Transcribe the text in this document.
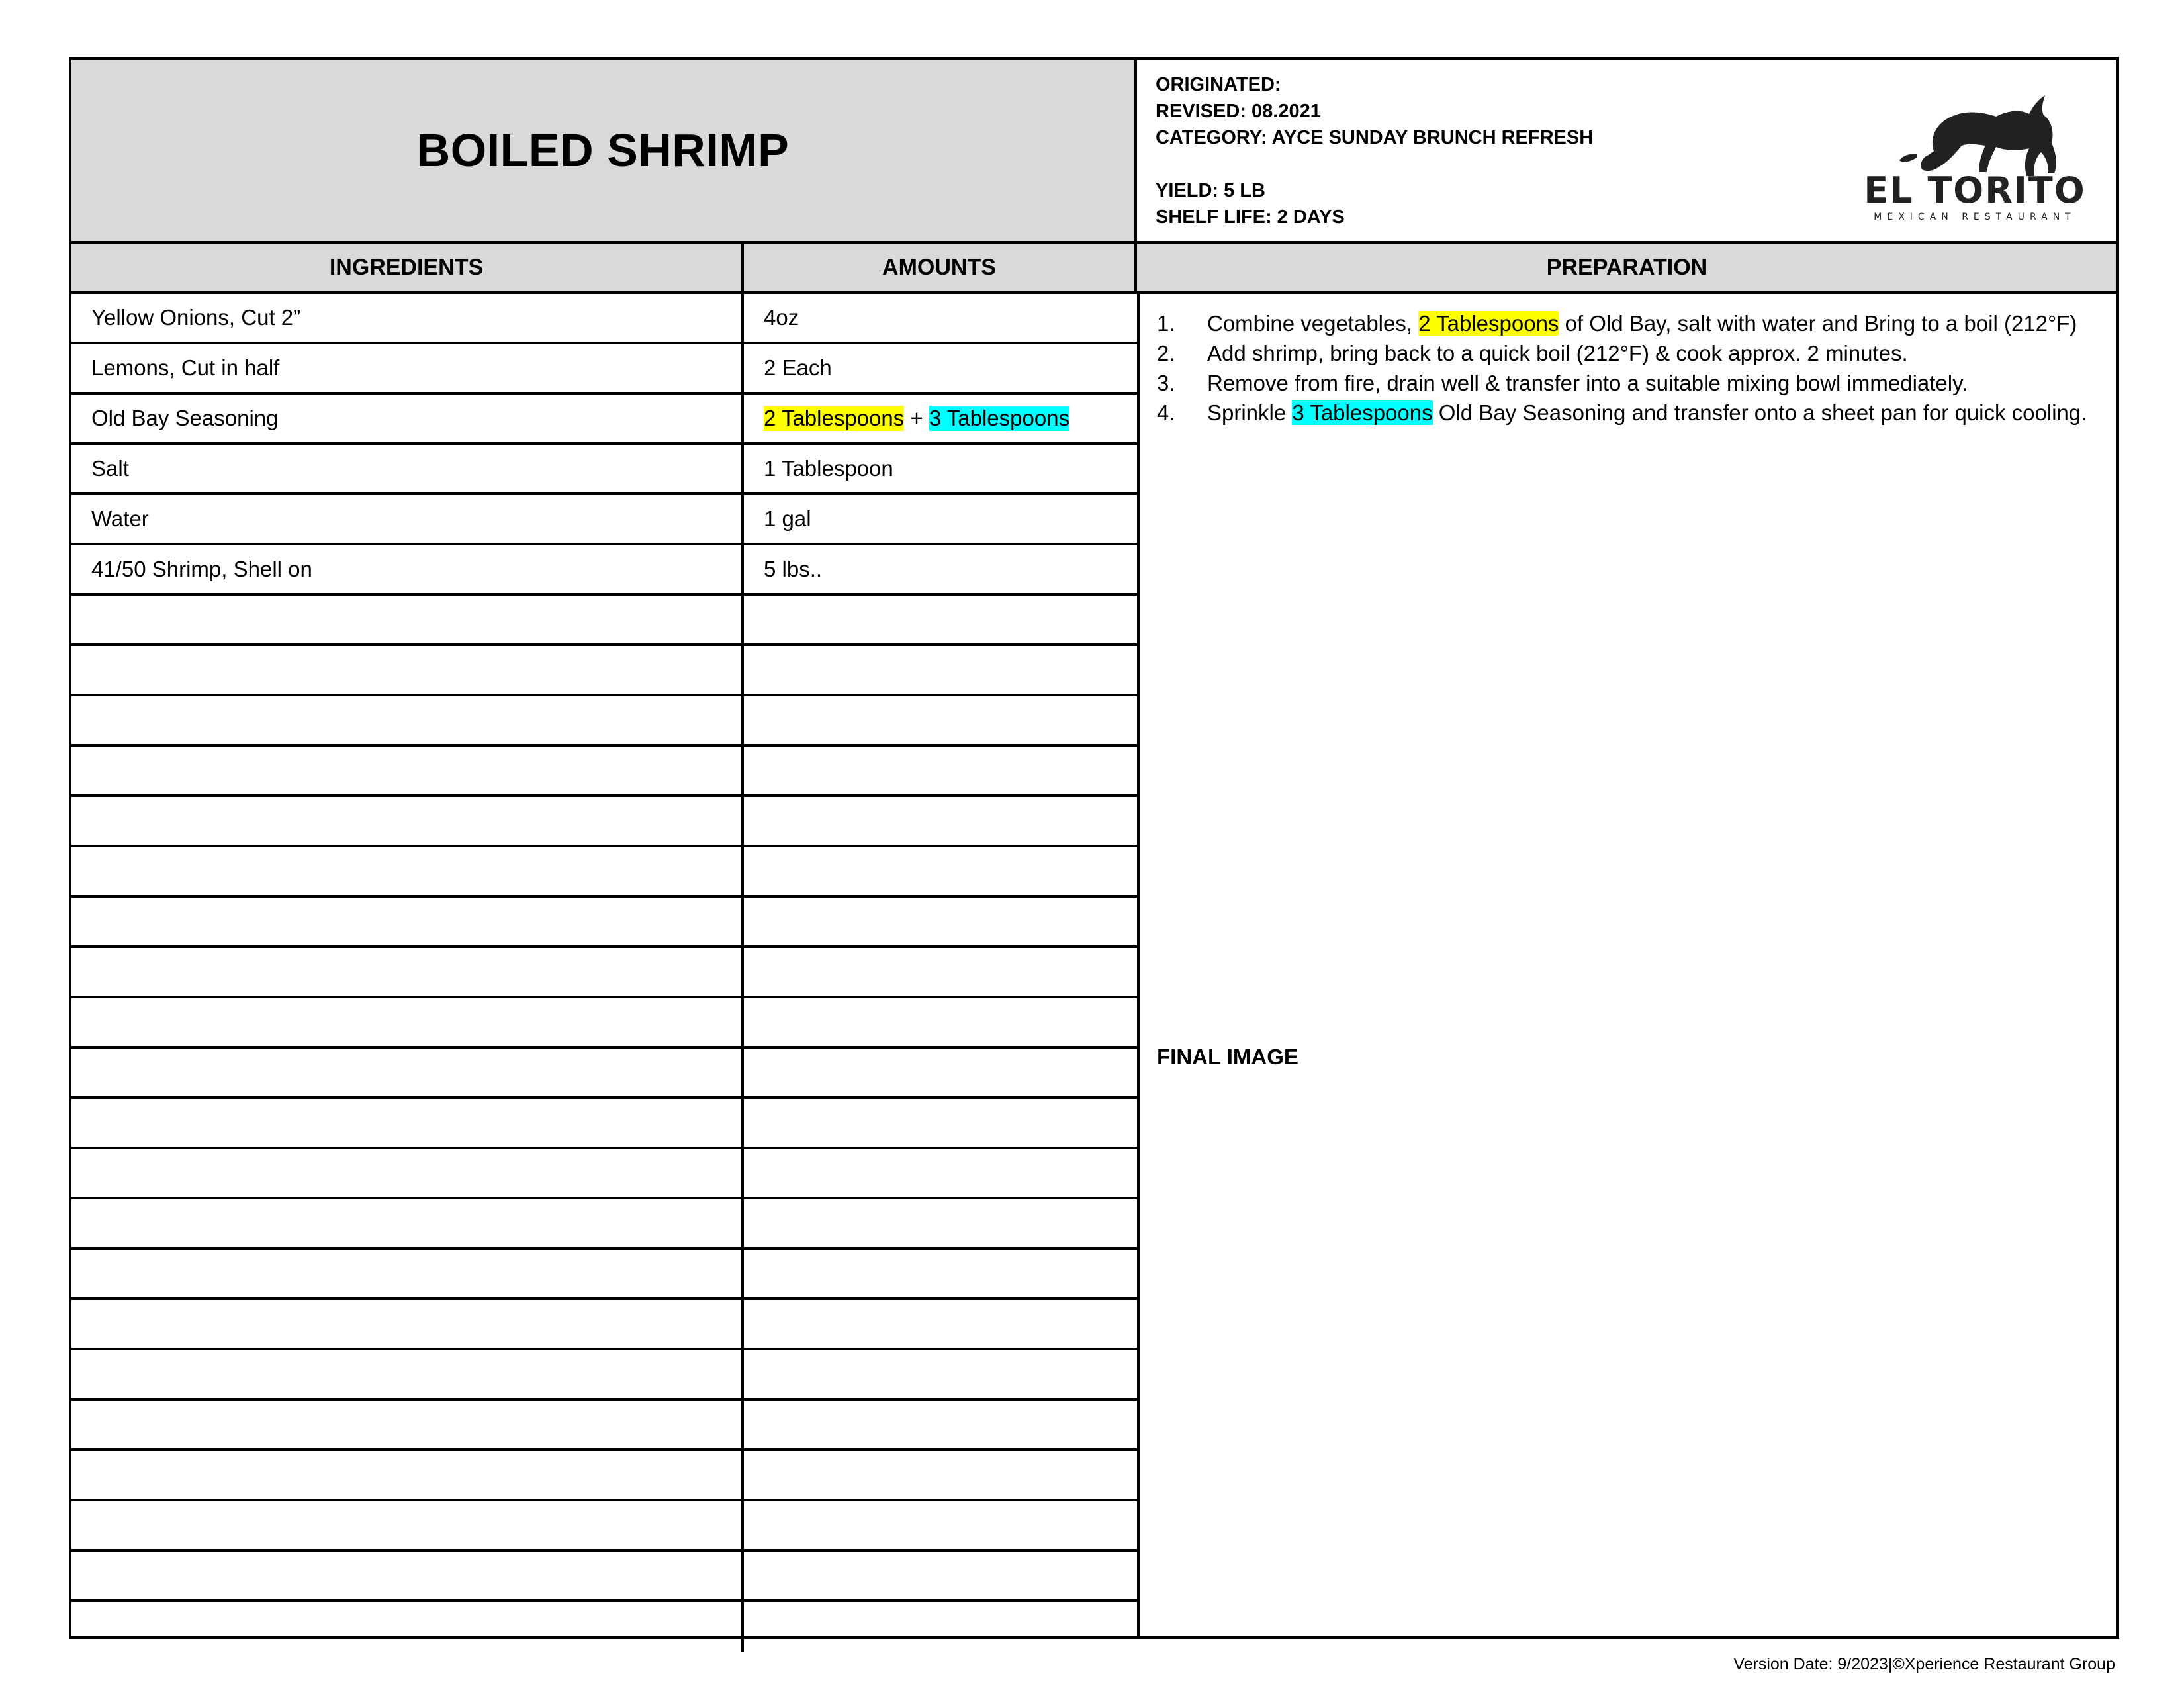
BOILED SHRIMP
ORIGINATED:
REVISED: 08.2021
CATEGORY: AYCE SUNDAY BRUNCH REFRESH
YIELD: 5 LB
SHELF LIFE: 2 DAYS
EL TORITO
MEXICAN RESTAURANT
INGREDIENTS	AMOUNTS	PREPARATION
Yellow Onions, Cut 2”	4oz
Lemons, Cut in half	2 Each
Old Bay Seasoning	2 Tablespoons + 3 Tablespoons
Salt	1 Tablespoon
Water	1 gal
41/50 Shrimp, Shell on	5 lbs..
1.	Combine vegetables, 2 Tablespoons of Old Bay, salt with water and Bring to a boil (212°F)
2.	Add shrimp, bring back to a quick boil (212°F) & cook approx. 2 minutes.
3.	Remove from fire, drain well & transfer into a suitable mixing bowl immediately.
4.	Sprinkle 3 Tablespoons Old Bay Seasoning and transfer onto a sheet pan for quick cooling.
FINAL IMAGE
Version Date: 9/2023|©Xperience Restaurant Group
